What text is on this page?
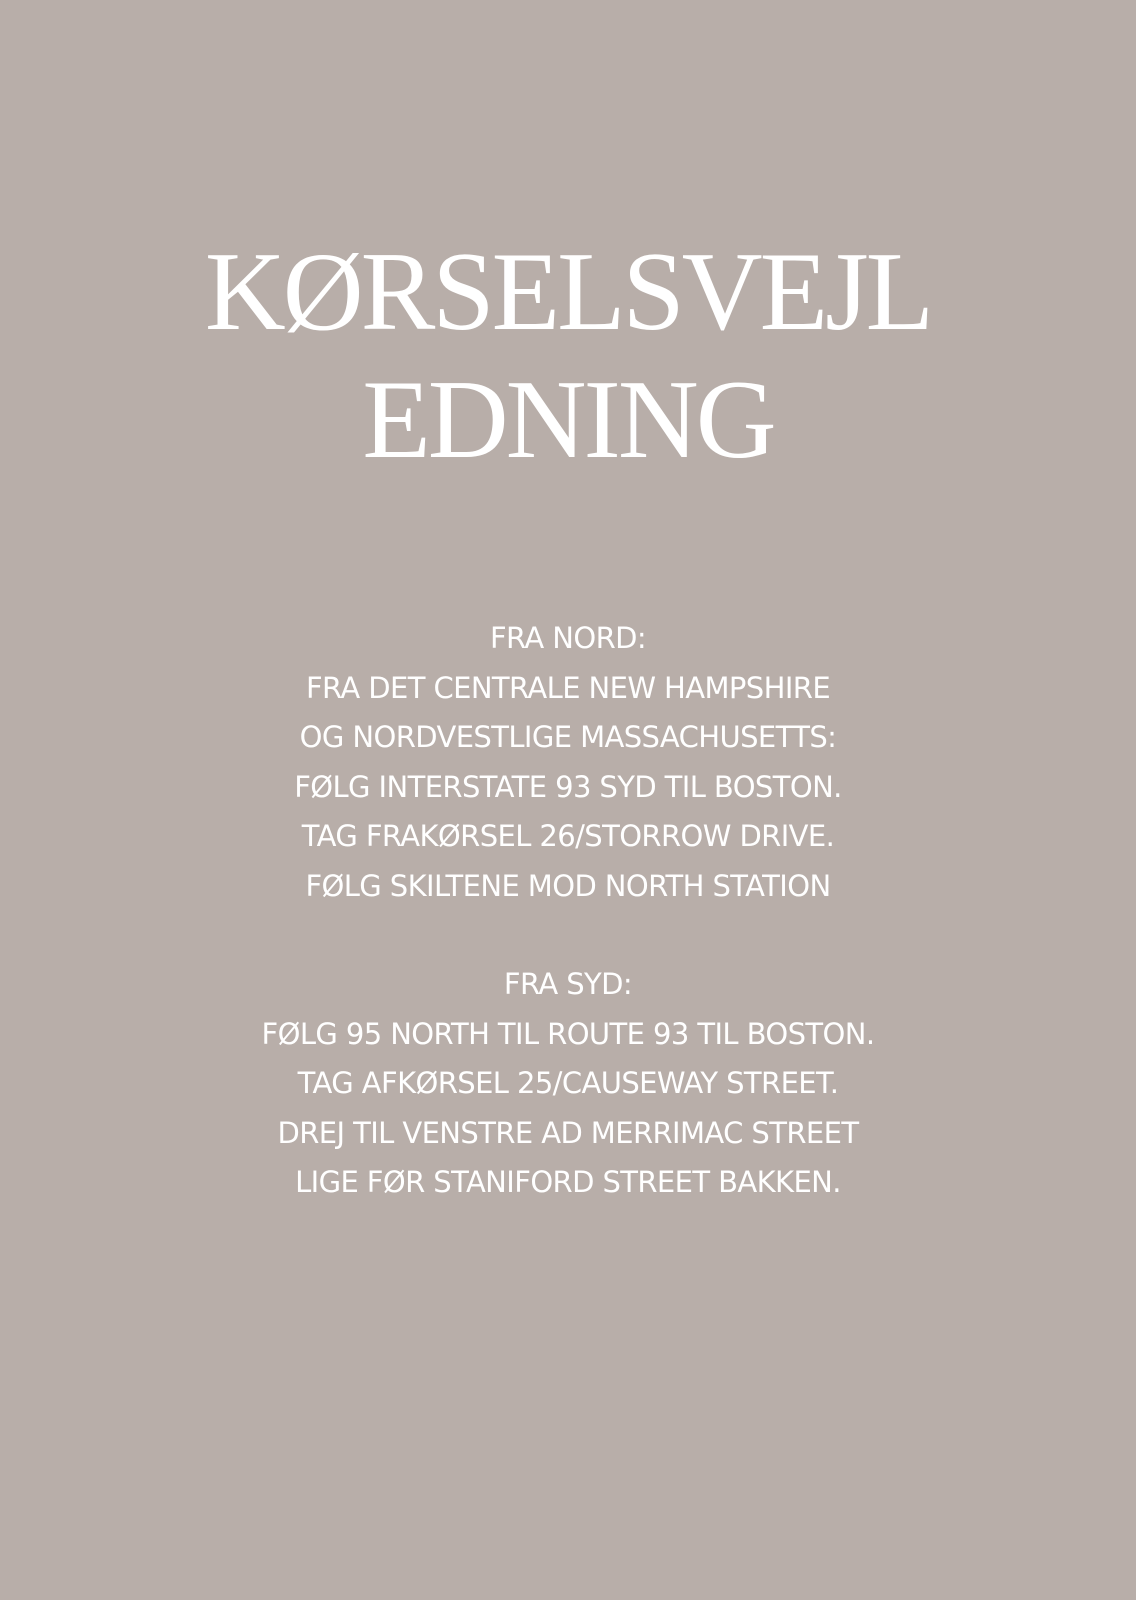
KØRSELSVEJL
EDNING
FRA NORD:
FRA DET CENTRALE NEW HAMPSHIRE
OG NORDVESTLIGE MASSACHUSETTS:
FØLG INTERSTATE 93 SYD TIL BOSTON.
TAG FRAKØRSEL 26/STORROW DRIVE.
FØLG SKILTENE MOD NORTH STATION
FRA SYD:
FØLG 95 NORTH TIL ROUTE 93 TIL BOSTON.
TAG AFKØRSEL 25/CAUSEWAY STREET.
DREJ TIL VENSTRE AD MERRIMAC STREET
LIGE FØR STANIFORD STREET BAKKEN.
